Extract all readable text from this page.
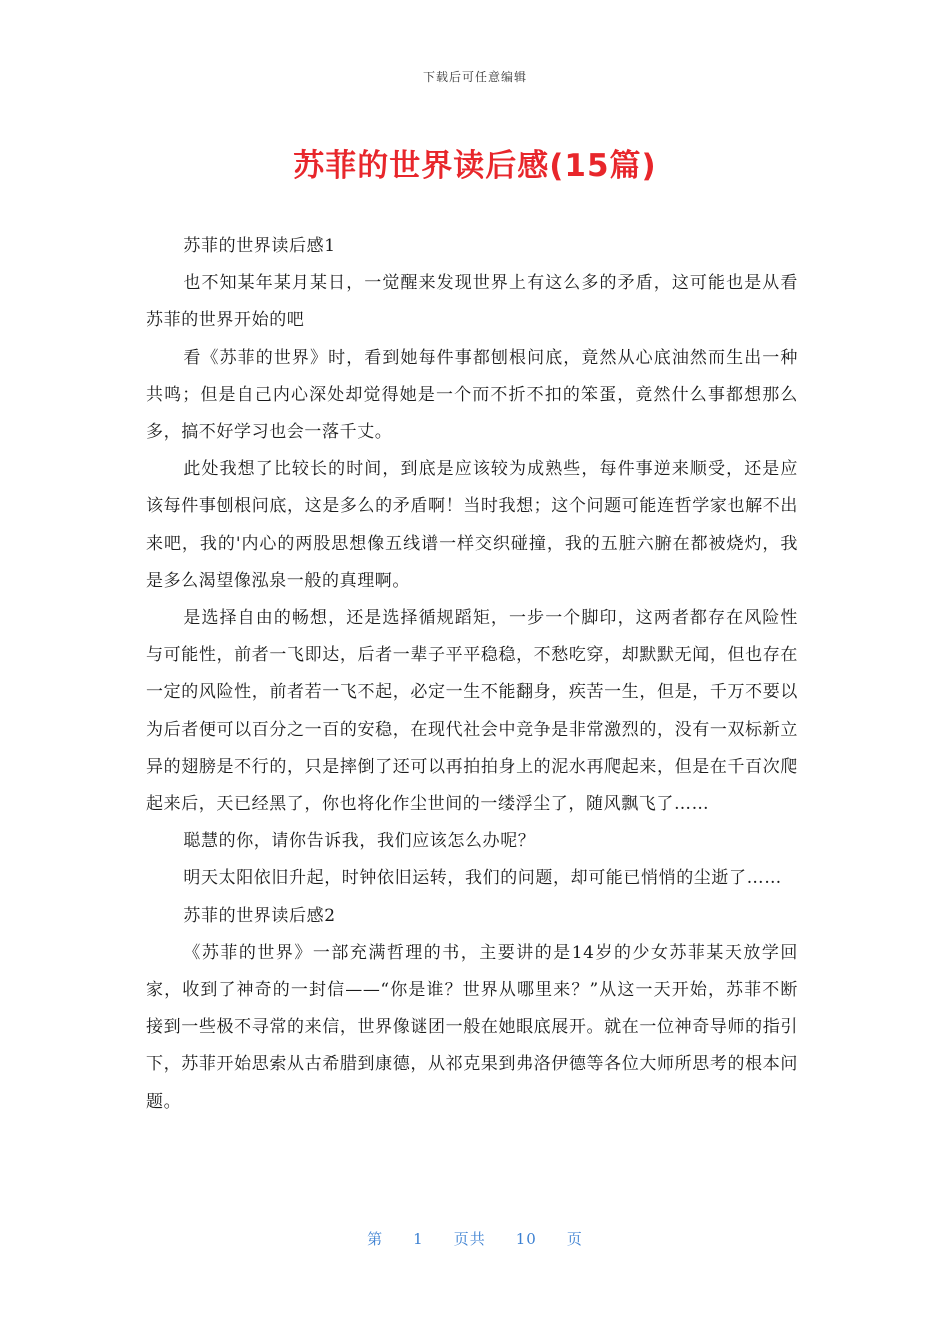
下载后可任意编辑
苏菲的世界读后感(15篇)

苏菲的世界读后感1

也不知某年某月某日，一觉醒来发现世界上有这么多的矛盾，这可能也是从看苏菲的世界开始的吧

看《苏菲的世界》时，看到她每件事都刨根问底，竟然从心底油然而生出一种共鸣；但是自己内心深处却觉得她是一个而不折不扣的笨蛋，竟然什么事都想那么多，搞不好学习也会一落千丈。

此处我想了比较长的时间，到底是应该较为成熟些，每件事逆来顺受，还是应该每件事刨根问底，这是多么的矛盾啊！当时我想；这个问题可能连哲学家也解不出来吧，我的'内心的两股思想像五线谱一样交织碰撞，我的五脏六腑在都被烧灼，我是多么渴望像泓泉一般的真理啊。

是选择自由的畅想，还是选择循规蹈矩，一步一个脚印，这两者都存在风险性与可能性，前者一飞即达，后者一辈子平平稳稳，不愁吃穿，却默默无闻，但也存在一定的风险性，前者若一飞不起，必定一生不能翻身，疾苦一生，但是，千万不要以为后者便可以百分之一百的安稳，在现代社会中竞争是非常激烈的，没有一双标新立异的翅膀是不行的，只是摔倒了还可以再拍拍身上的泥水再爬起来，但是在千百次爬起来后，天已经黑了，你也将化作尘世间的一缕浮尘了，随风飘飞了……

聪慧的你，请你告诉我，我们应该怎么办呢？

明天太阳依旧升起，时钟依旧运转，我们的问题，却可能已悄悄的尘逝了……

苏菲的世界读后感2

《苏菲的世界》一部充满哲理的书，主要讲的是14岁的少女苏菲某天放学回家，收到了神奇的一封信——“你是谁？世界从哪里来？”从这一天开始，苏菲不断接到一些极不寻常的来信，世界像谜团一般在她眼底展开。就在一位神奇导师的指引下，苏菲开始思索从古希腊到康德，从祁克果到弗洛伊德等各位大师所思考的根本问题。

第 1 页共 10 页
